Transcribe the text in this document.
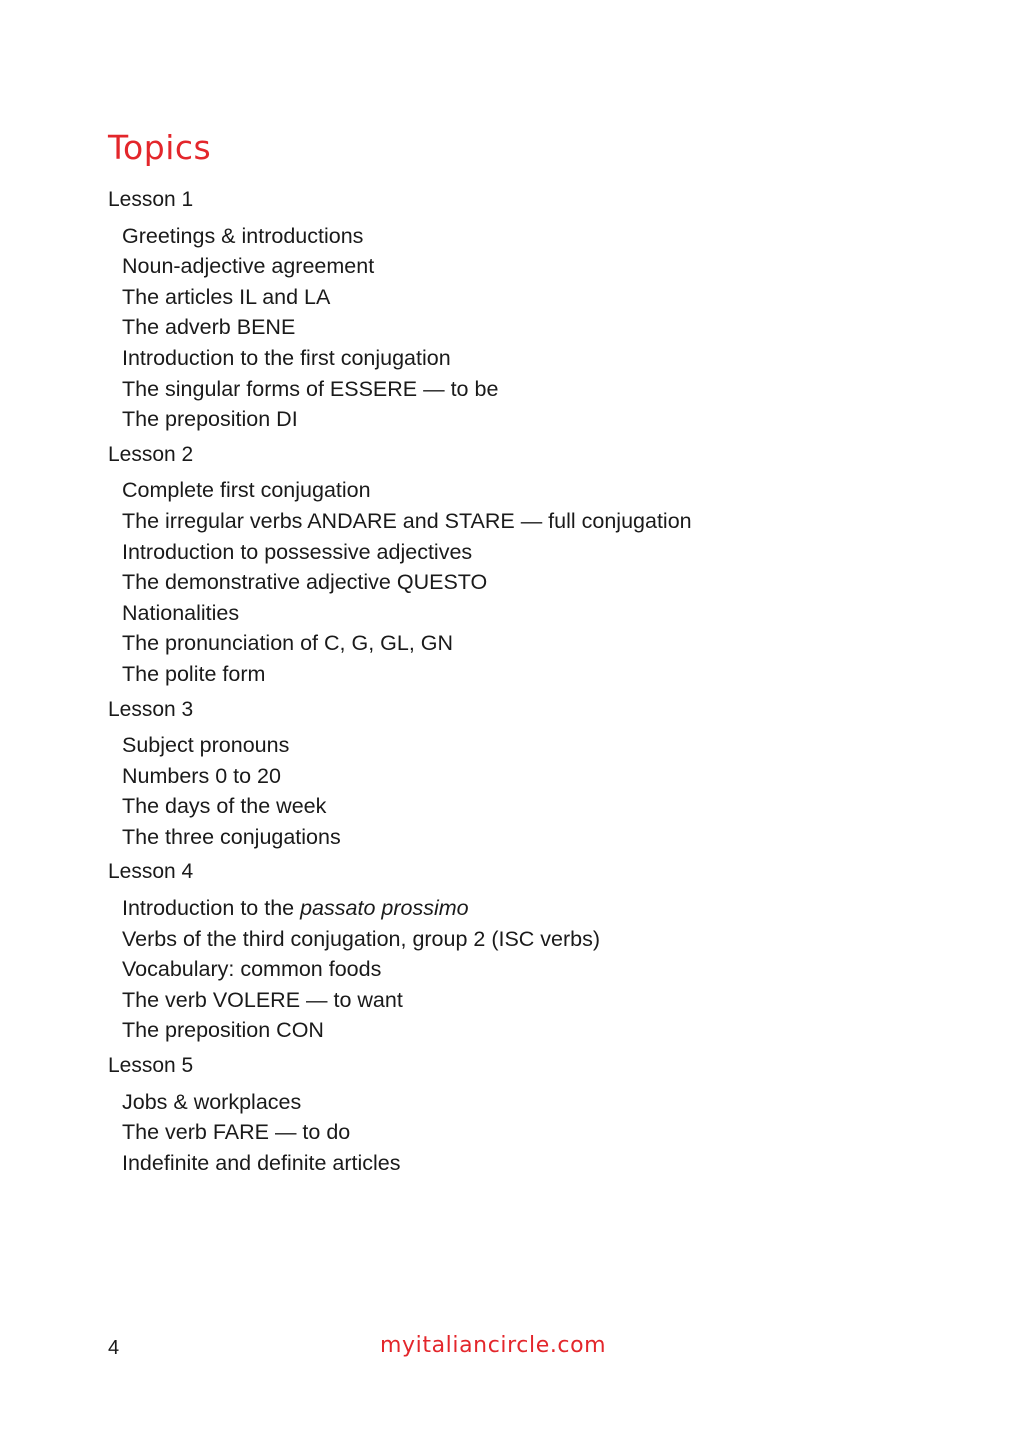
Topics
Lesson 1
Greetings & introductions
Noun-adjective agreement
The articles IL and LA
The adverb BENE
Introduction to the first conjugation
The singular forms of ESSERE — to be
The preposition DI
Lesson 2
Complete first conjugation
The irregular verbs ANDARE and STARE — full conjugation
Introduction to possessive adjectives
The demonstrative adjective QUESTO
Nationalities
The pronunciation of C, G, GL, GN
The polite form
Lesson 3
Subject pronouns
Numbers 0 to 20
The days of the week
The three conjugations
Lesson 4
Introduction to the passato prossimo
Verbs of the third conjugation, group 2 (ISC verbs)
Vocabulary: common foods
The verb VOLERE — to want
The preposition CON
Lesson 5
Jobs & workplaces
The verb FARE — to do
Indefinite and definite articles
4	myitaliancircle.com
